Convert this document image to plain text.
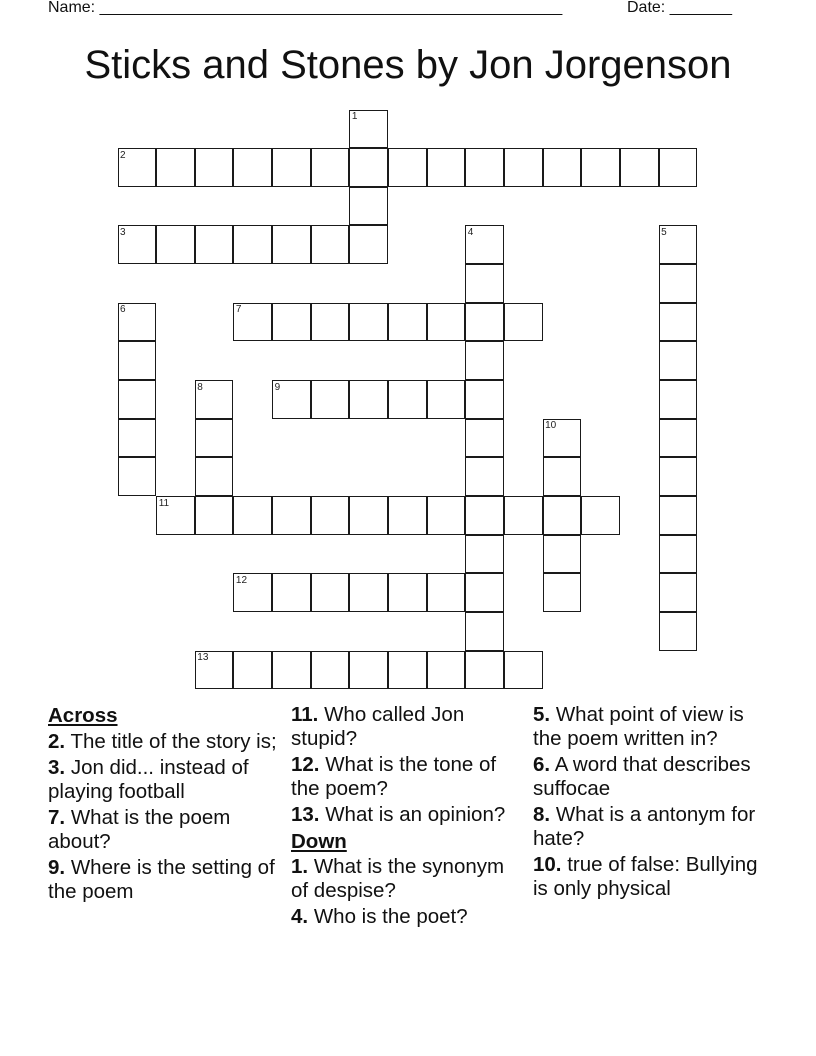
Name: ____________________________________________________	Date: _______
Sticks and Stones by Jon Jorgenson
1
2
3	4	5
6	7
8	9
10
11
12
13
Across
2. The title of the story is;
3. Jon did... instead of playing football
7. What is the poem about?
9. Where is the setting of the poem
11. Who called Jon stupid?
12. What is the tone of the poem?
13. What is an opinion?
Down
1. What is the synonym of despise?
4. Who is the poet?
5. What point of view is the poem written in?
6. A word that describes suffocae
8. What is a antonym for hate?
10. true of false: Bullying is only physical
